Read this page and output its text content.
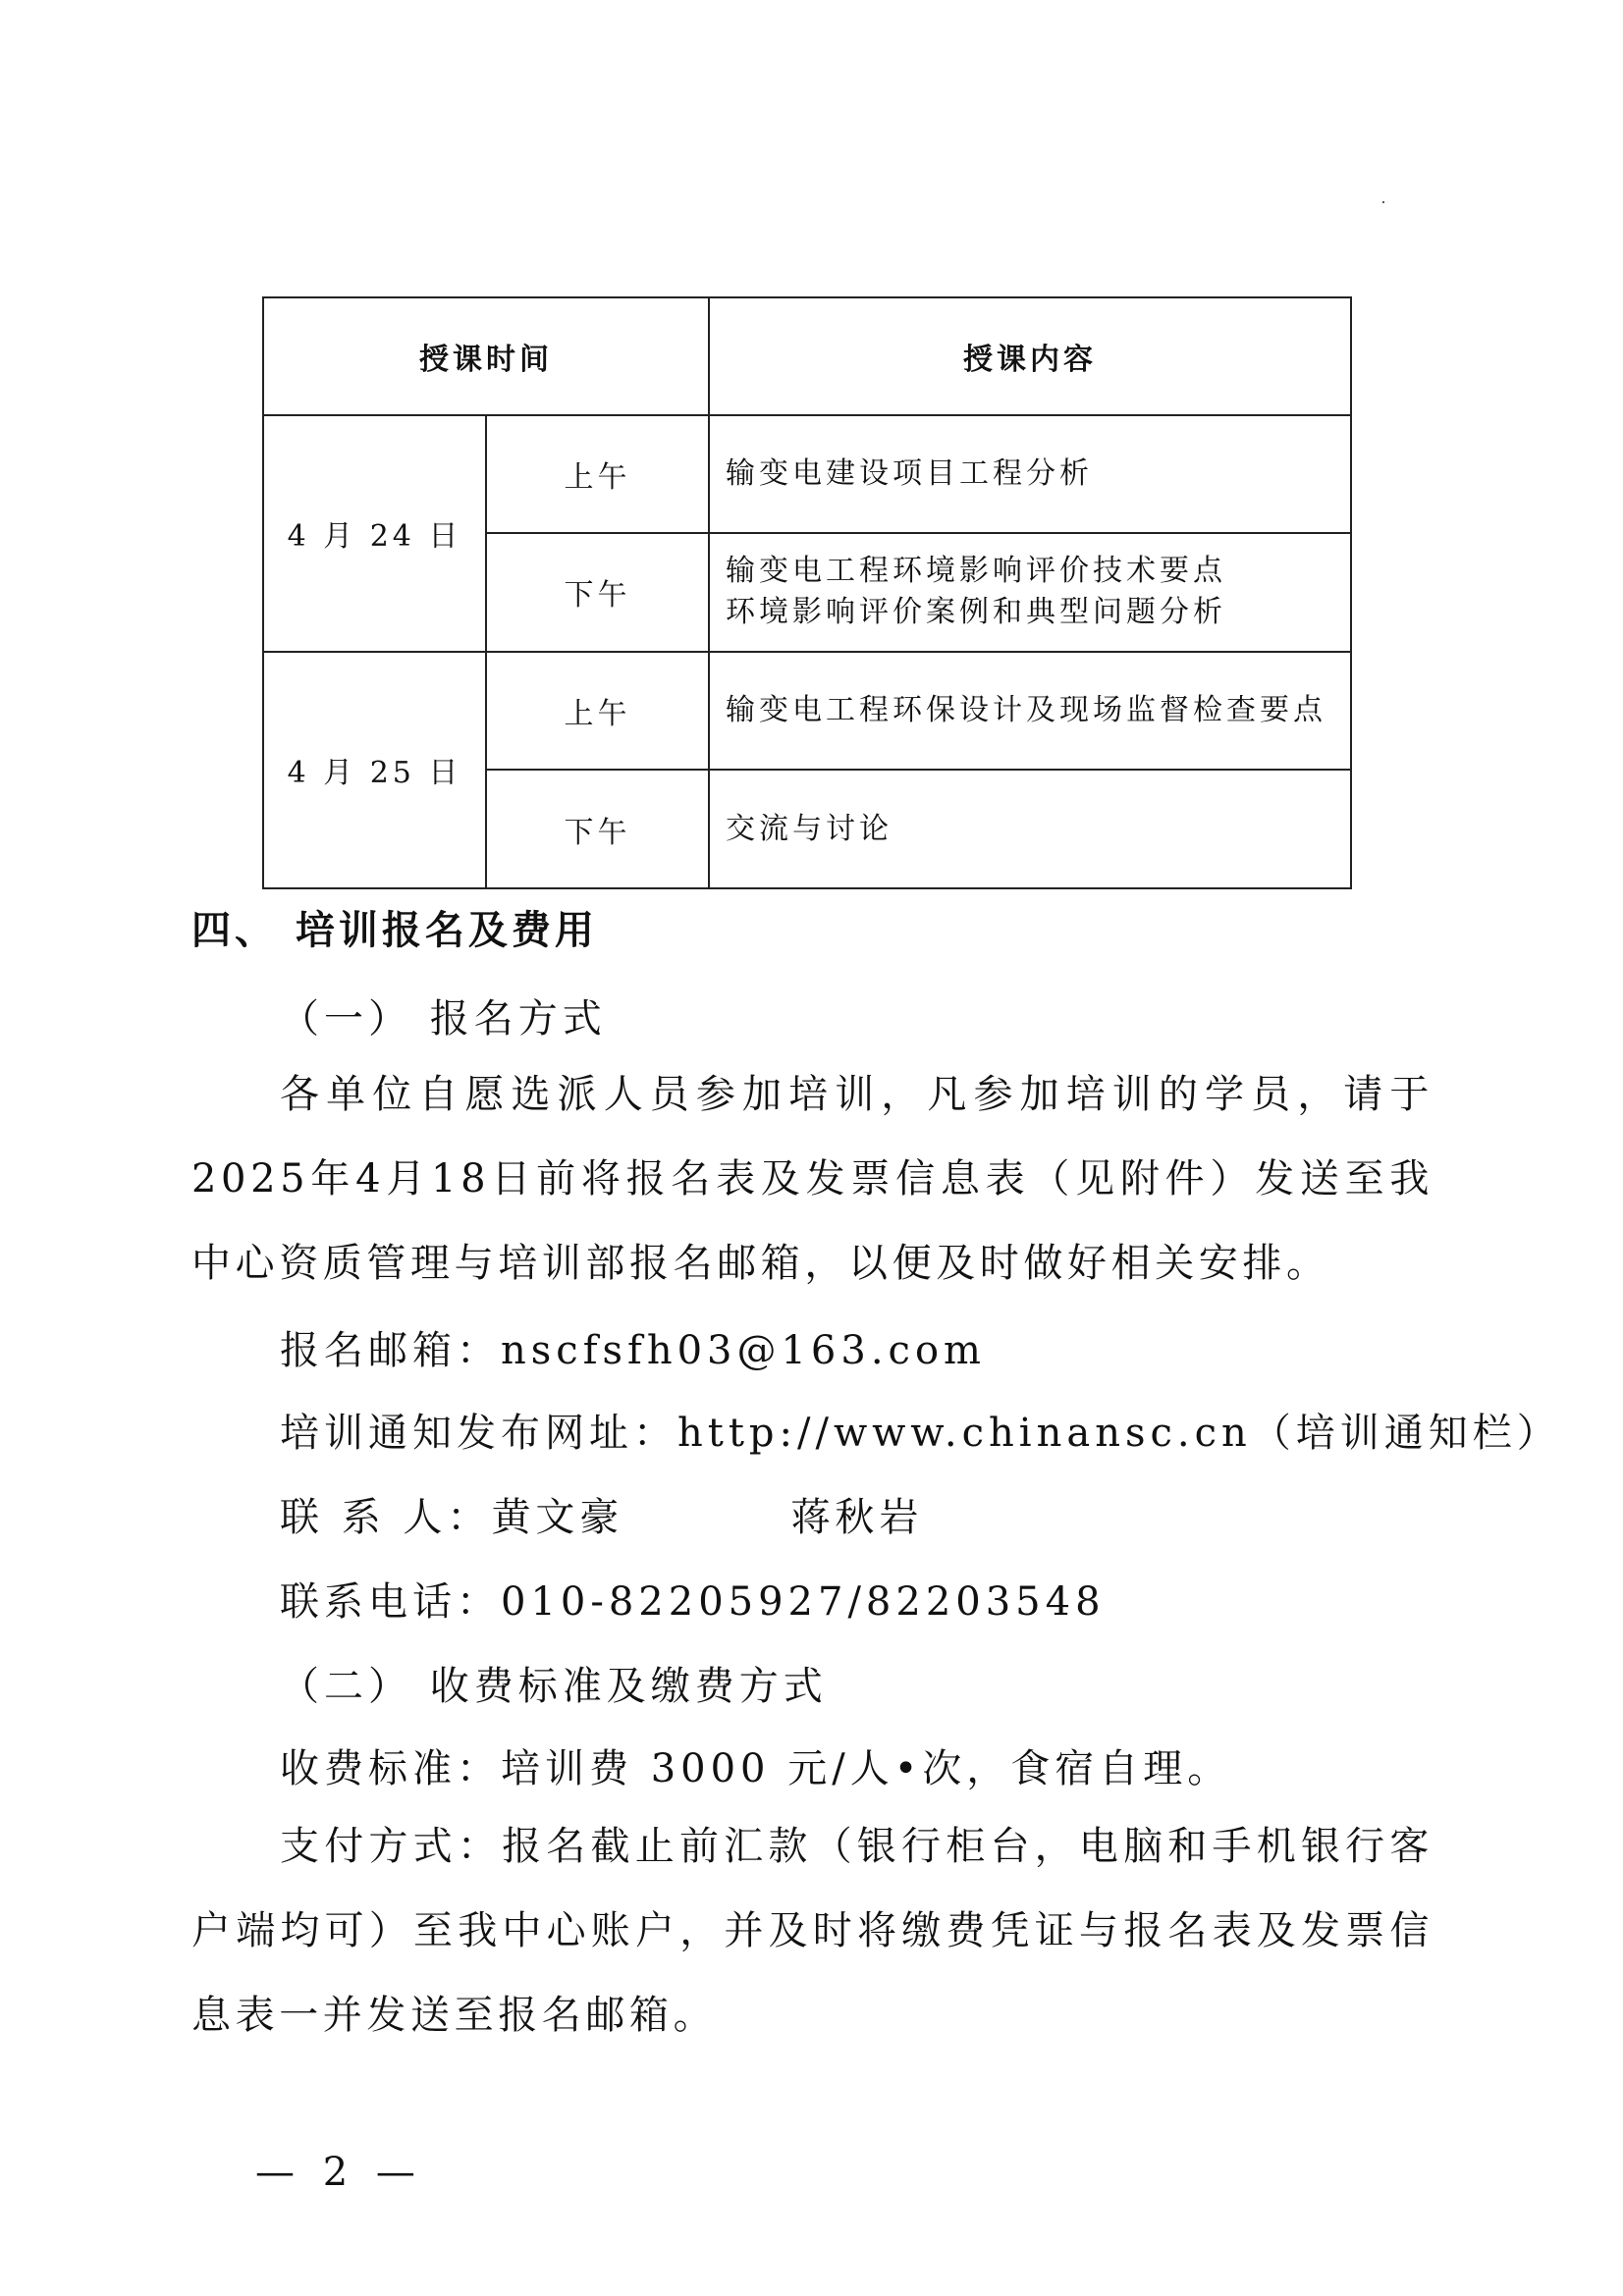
授课时间		授课内容
4 月 24 日	上午	输变电建设项目工程分析

	下午	输变电工程环境影响评价技术要点
环境影响评价案例和典型问题分析

4 月 25 日	上午	输变电工程环保设计及现场监督检查要点

	下午	交流与讨论
四、 培训报名及费用
（一） 报名方式
各单位自愿选派人员参加培训，凡参加培训的学员，请于2025年4月18日前将报名表及发票信息表（见附件）发送至我中心资质管理与培训部报名邮箱，以便及时做好相关安排。
报名邮箱：nscfsfh03@163.com
培训通知发布网址：http://www.chinansc.cn（培训通知栏）
联 系 人：黄文豪	蒋秋岩
联系电话：010-82205927/82203548
（二） 收费标准及缴费方式
收费标准：培训费 3000 元/人•次，食宿自理。
支付方式：报名截止前汇款（银行柜台，电脑和手机银行客户端均可）至我中心账户，并及时将缴费凭证与报名表及发票信息表一并发送至报名邮箱。
— 2 —
